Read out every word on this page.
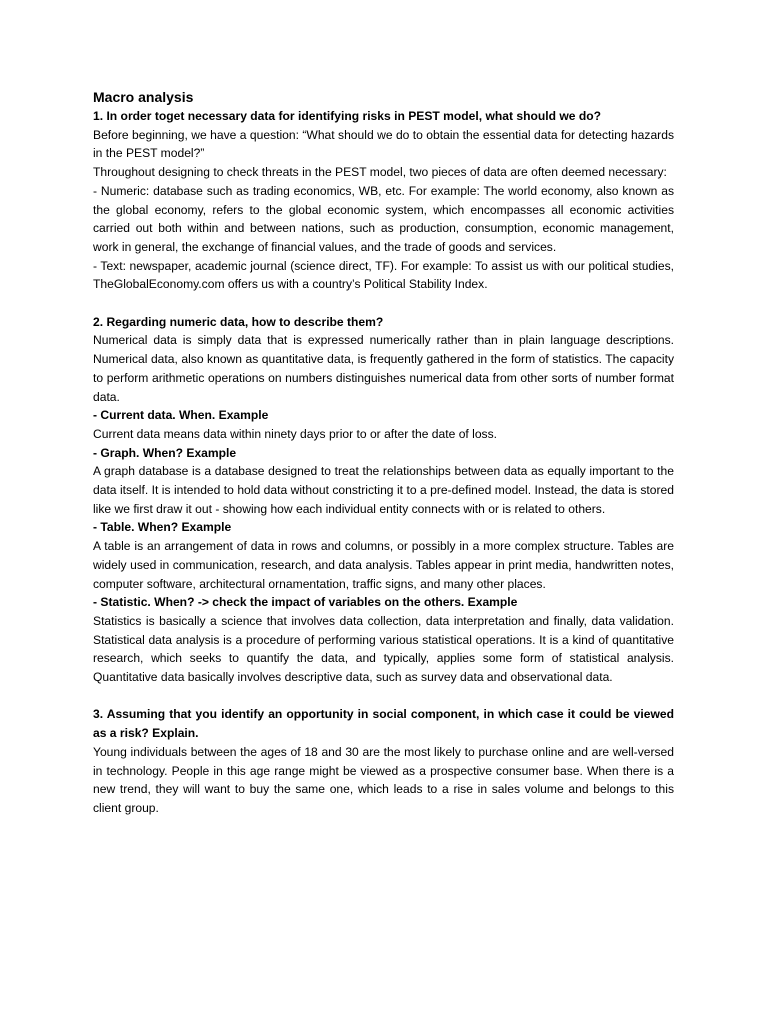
Macro analysis

1. In order toget necessary data for identifying risks in PEST model, what should we do?

Before beginning, we have a question: “What should we do to obtain the essential data for detecting hazards in the PEST model?”

Throughout designing to check threats in the PEST model, two pieces of data are often deemed necessary:

- Numeric: database such as trading economics, WB, etc. For example: The world economy, also known as the global economy, refers to the global economic system, which encompasses all economic activities carried out both within and between nations, such as production, consumption, economic management, work in general, the exchange of financial values, and the trade of goods and services.

- Text: newspaper, academic journal (science direct, TF). For example: To assist us with our political studies, TheGlobalEconomy.com offers us with a country’s Political Stability Index.

2. Regarding numeric data, how to describe them?

Numerical data is simply data that is expressed numerically rather than in plain language descriptions. Numerical data, also known as quantitative data, is frequently gathered in the form of statistics. The capacity to perform arithmetic operations on numbers distinguishes numerical data from other sorts of number format data.

- Current data. When. Example

Current data means data within ninety days prior to or after the date of loss.

- Graph. When? Example

A graph database is a database designed to treat the relationships between data as equally important to the data itself. It is intended to hold data without constricting it to a pre-defined model. Instead, the data is stored like we first draw it out - showing how each individual entity connects with or is related to others.

- Table. When? Example

A table is an arrangement of data in rows and columns, or possibly in a more complex structure. Tables are widely used in communication, research, and data analysis. Tables appear in print media, handwritten notes, computer software, architectural ornamentation, traffic signs, and many other places.

- Statistic. When? -> check the impact of variables on the others. Example

Statistics is basically a science that involves data collection, data interpretation and finally, data validation. Statistical data analysis is a procedure of performing various statistical operations. It is a kind of quantitative research, which seeks to quantify the data, and typically, applies some form of statistical analysis. Quantitative data basically involves descriptive data, such as survey data and observational data.

3. Assuming that you identify an opportunity in social component, in which case it could be viewed as a risk? Explain.

Young individuals between the ages of 18 and 30 are the most likely to purchase online and are well-versed in technology. People in this age range might be viewed as a prospective consumer base. When there is a new trend, they will want to buy the same one, which leads to a rise in sales volume and belongs to this client group.
